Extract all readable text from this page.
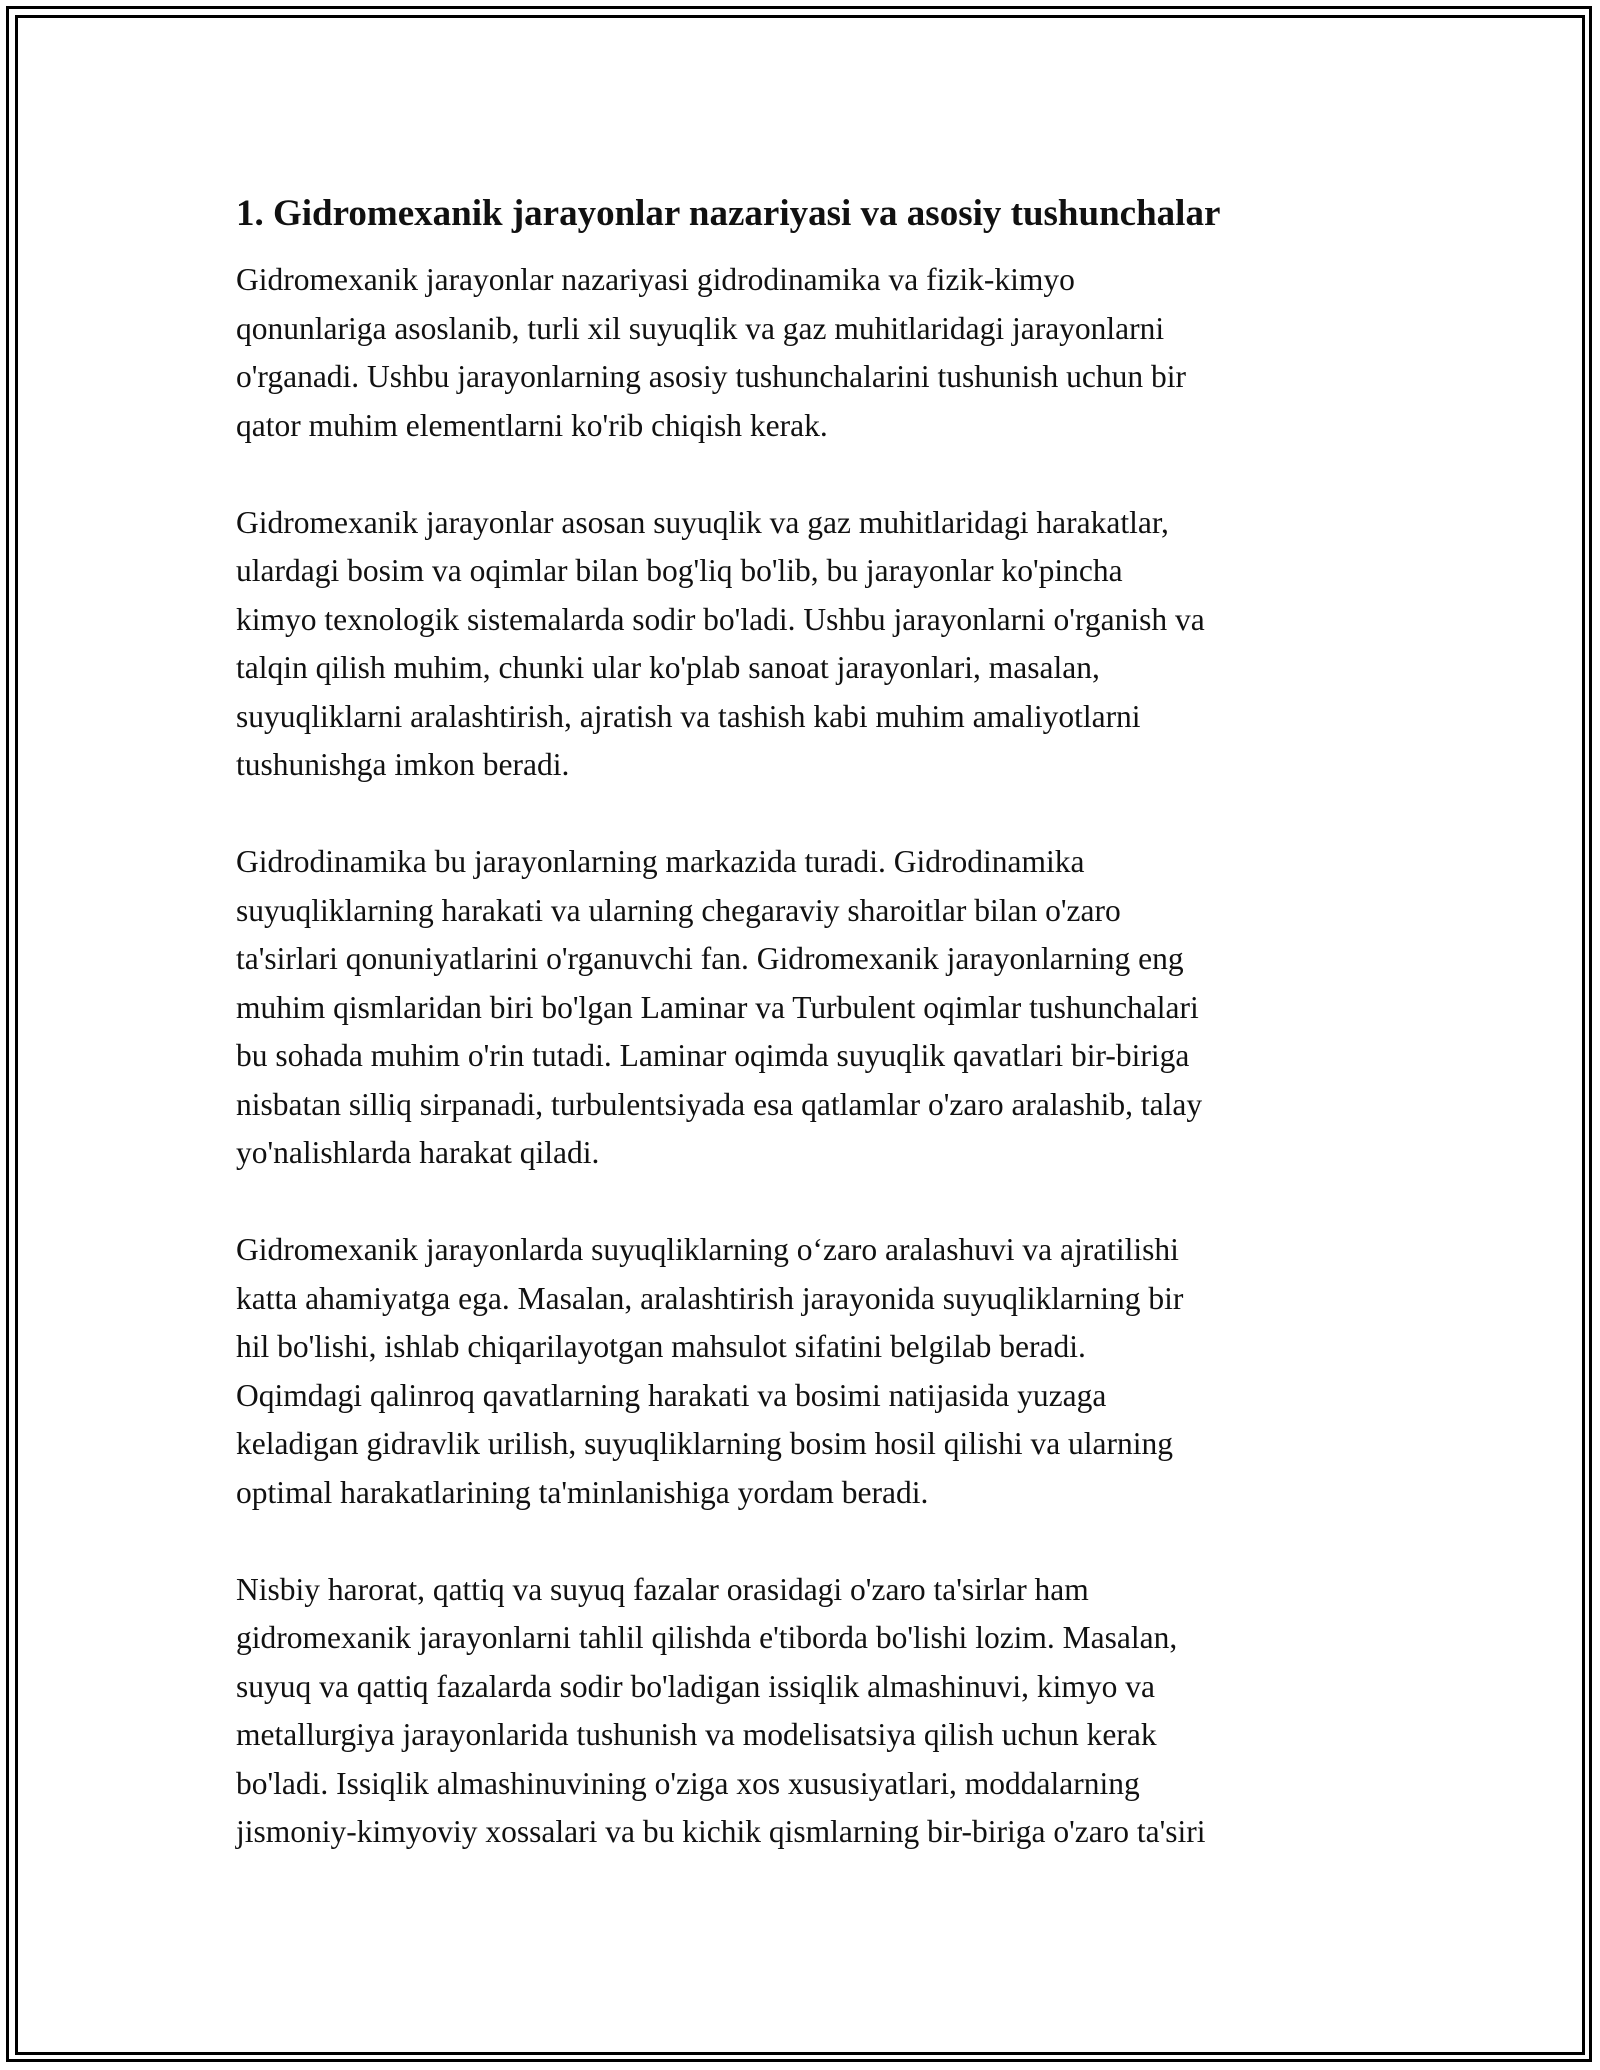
1. Gidromexanik jarayonlar nazariyasi va asosiy tushunchalar

Gidromexanik jarayonlar nazariyasi gidrodinamika va fizik-kimyo
qonunlariga asoslanib, turli xil suyuqlik va gaz muhitlaridagi jarayonlarni
o'rganadi. Ushbu jarayonlarning asosiy tushunchalarini tushunish uchun bir
qator muhim elementlarni ko'rib chiqish kerak.

Gidromexanik jarayonlar asosan suyuqlik va gaz muhitlaridagi harakatlar,
ulardagi bosim va oqimlar bilan bog'liq bo'lib, bu jarayonlar ko'pincha
kimyo texnologik sistemalarda sodir bo'ladi. Ushbu jarayonlarni o'rganish va
talqin qilish muhim, chunki ular ko'plab sanoat jarayonlari, masalan,
suyuqliklarni aralashtirish, ajratish va tashish kabi muhim amaliyotlarni
tushunishga imkon beradi.

Gidrodinamika bu jarayonlarning markazida turadi. Gidrodinamika
suyuqliklarning harakati va ularning chegaraviy sharoitlar bilan o'zaro
ta'sirlari qonuniyatlarini o'rganuvchi fan. Gidromexanik jarayonlarning eng
muhim qismlaridan biri bo'lgan Laminar va Turbulent oqimlar tushunchalari
bu sohada muhim o'rin tutadi. Laminar oqimda suyuqlik qavatlari bir-biriga
nisbatan silliq sirpanadi, turbulentsiyada esa qatlamlar o'zaro aralashib, talay
yo'nalishlarda harakat qiladi.

Gidromexanik jarayonlarda suyuqliklarning o‘zaro aralashuvi va ajratilishi
katta ahamiyatga ega. Masalan, aralashtirish jarayonida suyuqliklarning bir
hil bo'lishi, ishlab chiqarilayotgan mahsulot sifatini belgilab beradi.
Oqimdagi qalinroq qavatlarning harakati va bosimi natijasida yuzaga
keladigan gidravlik urilish, suyuqliklarning bosim hosil qilishi va ularning
optimal harakatlarining ta'minlanishiga yordam beradi.

Nisbiy harorat, qattiq va suyuq fazalar orasidagi o'zaro ta'sirlar ham
gidromexanik jarayonlarni tahlil qilishda e'tiborda bo'lishi lozim. Masalan,
suyuq va qattiq fazalarda sodir bo'ladigan issiqlik almashinuvi, kimyo va
metallurgiya jarayonlarida tushunish va modelisatsiya qilish uchun kerak
bo'ladi. Issiqlik almashinuvining o'ziga xos xususiyatlari, moddalarning
jismoniy-kimyoviy xossalari va bu kichik qismlarning bir-biriga o'zaro ta'siri
